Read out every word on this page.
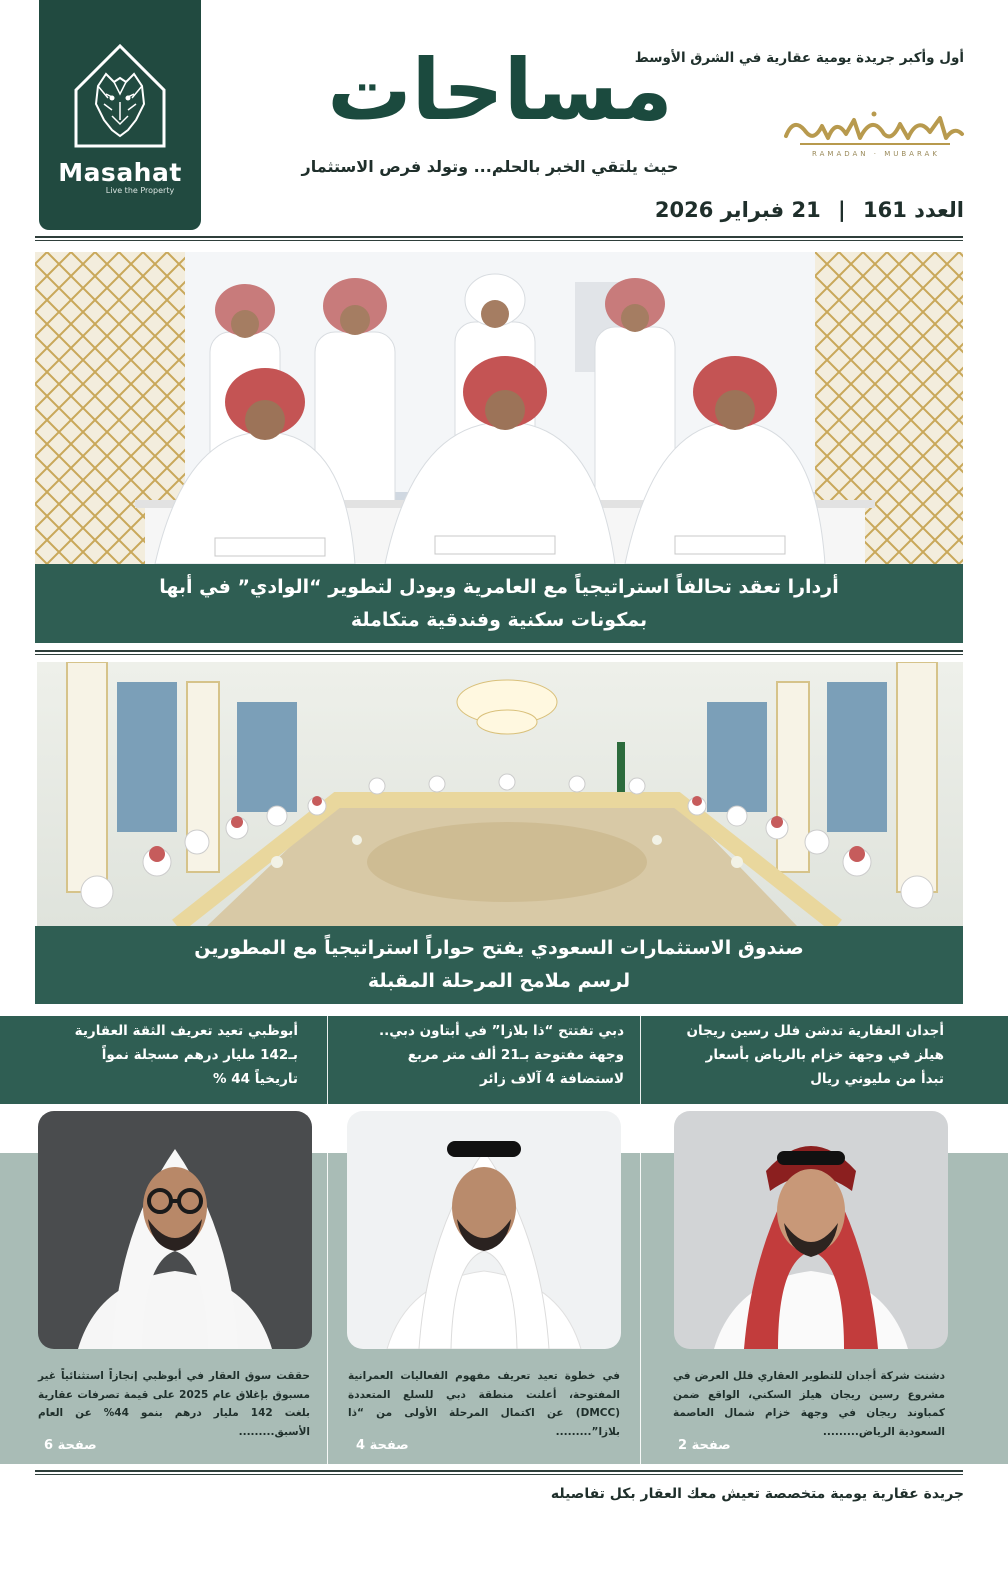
Masahat
Live the Property
أول وأكبر جريدة يومية عقارية في الشرق الأوسط
مساحات
حيث يلتقي الخبر بالحلم... وتولد فرص الاستثمار
العدد 161 | 21 فبراير 2026
RAMADAN · MUBARAK
أردارا تعقد تحالفاً استراتيجياً مع العامرية وبودل لتطوير “الوادي” في أبها
بمكونات سكنية وفندقية متكاملة
صندوق الاستثمارات السعودي يفتح حواراً استراتيجياً مع المطورين
لرسم ملامح المرحلة المقبلة
أجدان العقارية تدشن فلل رسين ريجان
هيلز في وجهة خزام بالرياض بأسعار
تبدأ من مليوني ريال
دبي تفتتح “ذا بلازا” في أبتاون دبي..
وجهة مفتوحة بـ21 ألف متر مربع
لاستضافة 4 آلاف زائر
أبوظبي تعيد تعريف الثقة العقارية
بـ142 مليار درهم مسجلة نمواً
تاريخياً 44 %
دشنت شركة أجدان للتطوير العقاري فلل العرض في مشروع رسين ريجان هيلز السكني، الواقع ضمن كمباوند ريجان في وجهة خزام شمال العاصمة السعودية الرياض.........
في خطوة تعيد تعريف مفهوم الفعاليات العمرانية المفتوحة، أعلنت منطقة دبي للسلع المتعددة (DMCC) عن اكتمال المرحلة الأولى من “ذا بلازا”.........
حققت سوق العقار في أبوظبي إنجازاً استثنائياً غير مسبوق بإغلاق عام 2025 على قيمة تصرفات عقارية بلغت 142 مليار درهم بنمو 44% عن العام الأسبق.........
صفحة 2
صفحة 4
صفحة 6
جريدة عقارية يومية متخصصة تعيش معك العقار بكل تفاصيله
